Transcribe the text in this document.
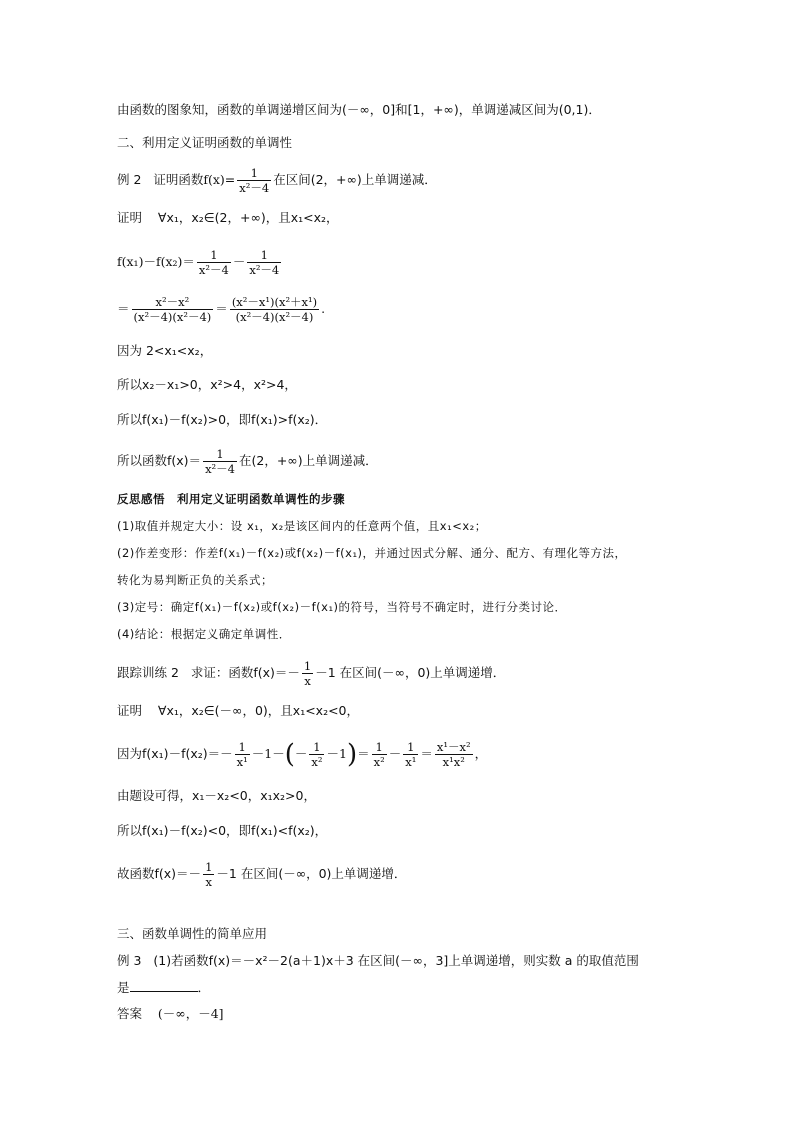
由函数的图象知，函数的单调递增区间为(－∞，0]和[1，+∞)，单调递减区间为(0,1)．
二、利用定义证明函数的单调性
例 2 证明函数$f(x)= \frac{1}{\text{x²－4}}$ 在区间(2，+∞)上单调递减．
证明 ∀x₁，x₂∈(2，+∞)，且x₁<x₂，
$f(x_1)-f(x_2)= \frac{1}{\text{x²－4}} - \frac{1}{\text{x²－4}}$
＝ $\frac{\text{x²－x²}}{\text{(x²－4)(x²－4)}} = \frac{\text{(x²－x¹)(x²＋x¹)}}{\text{(x²－4)(x²－4)}}$ .
因为 2<x₁<x₂，
所以x₂－x₁>0，x²>4，x²>4，
所以f(x₁)－f(x₂)>0，即f(x₁)>f(x₂)．
所以函数$f(x)= \frac{1}{\text{x²－4}}$ 在(2，+∞)上单调递减．
反思感悟　利用定义证明函数单调性的步骤
(1)取值并规定大小：设 x₁，x₂是该区间内的任意两个值，且x₁<x₂；
(2)作差变形：作差f(x₁)－f(x₂)或f(x₂)－f(x₁)，并通过因式分解、通分、配方、有理化等方法，
转化为易判断正负的关系式；
(3)定号：确定f(x₁)－f(x₂)或f(x₂)－f(x₁)的符号，当符号不确定时，进行分类讨论．
(4)结论：根据定义确定单调性．
跟踪训练 2 求证：函数$f(x)=- \frac{1}{x} -1$ 在区间(－∞，0)上单调递增．
证明 ∀x₁，x₂∈(－∞，0)，且x₁<x₂<0，
因为$f(x_1)-f(x_2)=- \frac{1}{\text{x¹}} -1-(- \frac{1}{\text{x²}} -1)= \frac{1}{\text{x²}} - \frac{1}{\text{x¹}} = \frac{\text{x¹－x²}}{\text{x¹x²}}$ ，
由题设可得，x₁－x₂<0，x₁x₂>0，
所以f(x₁)－f(x₂)<0，即f(x₁)<f(x₂)，
故函数$f(x)=- \frac{1}{x} -1$ 在区间(－∞，0)上单调递增．
三、函数单调性的简单应用
例 3 (1)若函数f(x)＝－x²－2(a＋1)x＋3 在区间(－∞，3]上单调递增，则实数 a 的取值范围
是	．
答案 (－∞，－4]
